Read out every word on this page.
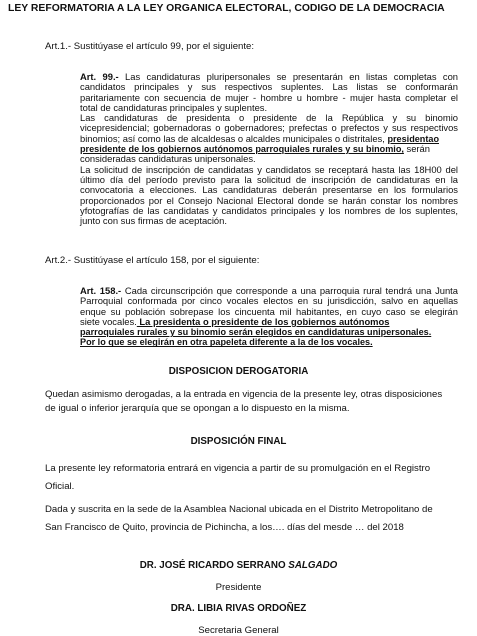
LEY REFORMATORIA A LA LEY ORGANICA ELECTORAL, CODIGO DE LA DEMOCRACIA
Art.1.- Sustitúyase el artículo 99, por el siguiente:
Art. 99.- Las candidaturas pluripersonales se presentarán en listas completas con
candidatos principales y sus respectivos suplentes. Las listas se conformarán
paritariamente con secuencia de mujer - hombre u hombre - mujer hasta completar el
total de candidaturas principales y suplentes.
Las candidaturas de presidenta o presidente de la República y su binomio
vicepresidencial; gobernadoras o gobernadores; prefectas o prefectos y sus respectivos
binomios; así como las de alcaldesas o alcaldes municipales o distritales, presidentao
presidente de los gobiernos autónomos parroquiales rurales y su binomio, serán
consideradas candidaturas unipersonales.
La solicitud de inscripción de candidatas y candidatos se receptará hasta las 18H00 del
último día del período previsto para la solicitud de inscripción de candidaturas en la
convocatoria a elecciones. Las candidaturas deberán presentarse en los formularios
proporcionados por el Consejo Nacional Electoral donde se harán constar los nombres
yfotografías de las candidatas y candidatos principales y los nombres de los suplentes,
junto con sus firmas de aceptación.
Art.2.- Sustitúyase el artículo 158, por el siguiente:
Art. 158.- Cada circunscripción que corresponde a una parroquia rural tendrá una Junta
Parroquial conformada por cinco vocales electos en su jurisdicción, salvo en aquellas
enque su población sobrepase los cincuenta mil habitantes, en cuyo caso se elegirán
siete vocales. La presidenta o presidente de los gobiernos autónomos
parroquiales rurales y su binomio serán elegidos en candidaturas unipersonales.
Por lo que se elegirán en otra papeleta diferente a la de los vocales.
DISPOSICION DEROGATORIA
Quedan asimismo derogadas, a la entrada en vigencia de la presente ley, otras disposiciones
de igual o inferior jerarquía que se opongan a lo dispuesto en la misma.
DISPOSICIÓN FINAL
La presente ley reformatoria entrará en vigencia a partir de su promulgación en el Registro
Oficial.
Dada y suscrita en la sede de la Asamblea Nacional ubicada en el Distrito Metropolitano de
San Francisco de Quito, provincia de Pichincha, a los…. días del mesde … del 2018
DR. JOSÉ RICARDO SERRANO SALGADO
Presidente
DRA. LIBIA RIVAS ORDOÑEZ
Secretaria General
